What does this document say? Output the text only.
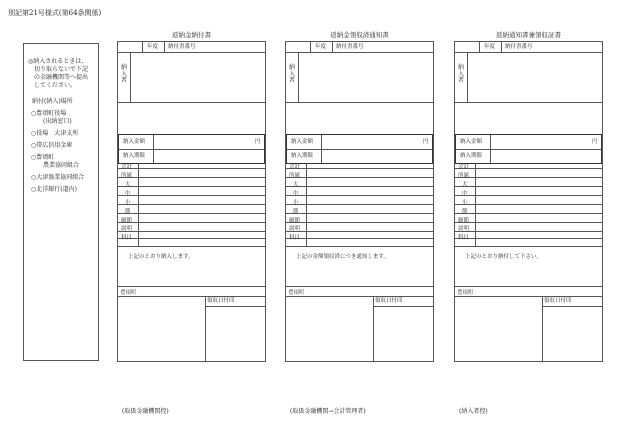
別記第21号様式(第64条関係)
◎納入されるときは、
　切り取らないで下記
　の金融機関等へ提出
　してください。
納付(納入)場所
○豊頃町役場
　　(出納窓口)
○役場　大津支所
○帯広信用金庫
○豊頃町
　　農業協同組合
○大津漁業協同組合
○北洋銀行(道内)
返納金納付書	返納金領収済通知書	返納通知書兼領収証書
年度 納付書番号
納入者
納入金額	円
納入期限
会計
所属
大
中
小
節
細節
説明
科目
上記のとおり納入します。
豊頃町
領収日付印
年度 納付書番号
納入者
納入金額	円
納入期限
会計
所属
大
中
小
節
細節
説明
科目
上記の金額領収済につき通知します。
豊頃町
領収日付印
年度 納付書番号
納入者
納入金額	円
納入期限
会計
所属
大
中
小
節
細節
説明
科目
上記のとおり納付して下さい。
豊頃町
領収日付印
(取扱金融機関控)	(取扱金融機関→会計管理者)	(納入者控)
